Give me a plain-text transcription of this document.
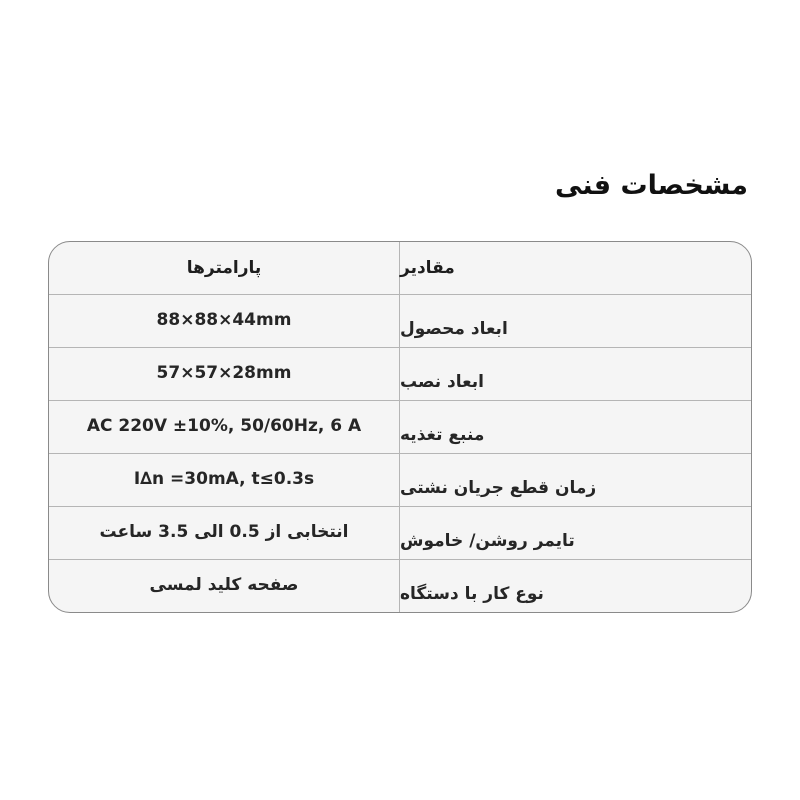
مشخصات فنی
پارامترها	مقادیر
88×88×44mm	ابعاد محصول
57×57×28mm	ابعاد نصب
AC 220V ±10%, 50/60Hz, 6 A	منبع تغذیه
I∆n =30mA, t≤0.3s	زمان قطع جریان نشتی
انتخابی از 0.5 الی 3.5 ساعت	تایمر روشن/ خاموش
صفحه کلید لمسی	نوع کار با دستگاه
